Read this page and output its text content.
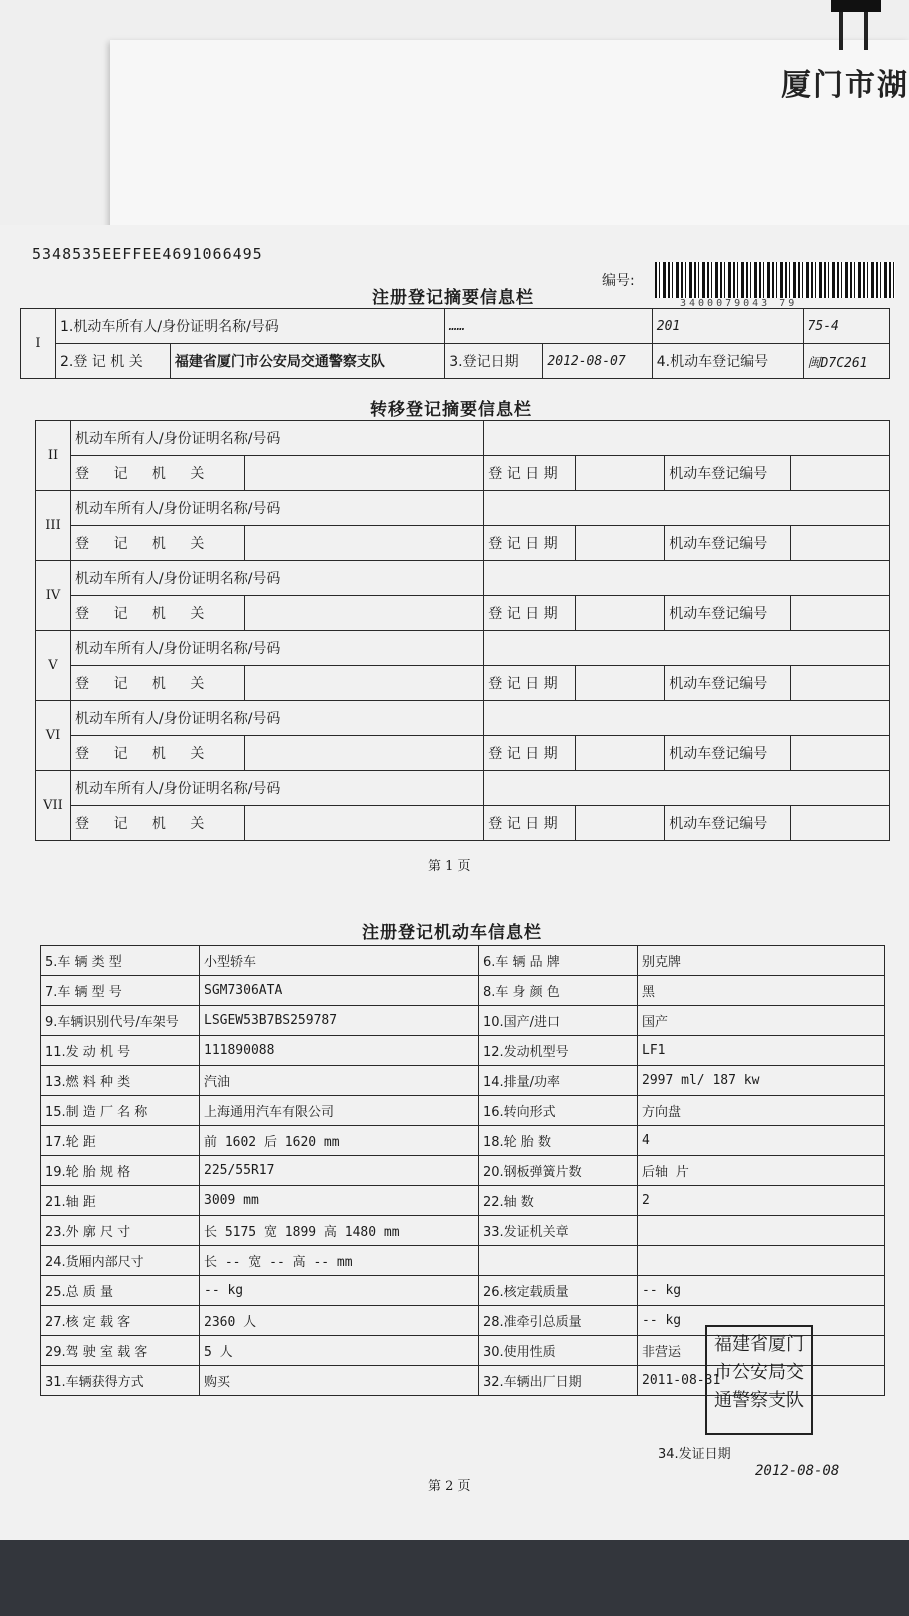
厦门市湖
5348535EEFFEE4691066495
编号:
3400079043 79
注册登记摘要信息栏
I	1.机动车所有人/身份证明名称/号码		……		201	75-4
	2.登 记 机 关	福建省厦门市公安局交通警察支队	3.登记日期	2012-08-07	4.机动车登记编号	闽D7C261
转移登记摘要信息栏
II	机动车所有人/身份证明名称/号码					
	登 记 机 关		登 记 日 期		机动车登记编号	
III	机动车所有人/身份证明名称/号码					
	登 记 机 关		登 记 日 期		机动车登记编号	
IV	机动车所有人/身份证明名称/号码					
	登 记 机 关		登 记 日 期		机动车登记编号	
V	机动车所有人/身份证明名称/号码					
	登 记 机 关		登 记 日 期		机动车登记编号	
VI	机动车所有人/身份证明名称/号码					
	登 记 机 关		登 记 日 期		机动车登记编号	
VII	机动车所有人/身份证明名称/号码					
	登 记 机 关		登 记 日 期		机动车登记编号	
第 1 页
注册登记机动车信息栏
5.车 辆 类 型	小型轿车	6.车 辆 品 牌	别克牌
7.车 辆 型 号	SGM7306ATA	8.车 身 颜 色	黑
9.车辆识别代号/车架号	LSGEW53B7BS259787	10.国产/进口	国产
11.发 动 机 号	111890088	12.发动机型号	LF1
13.燃 料 种 类	汽油	14.排量/功率	2997 ml/ 187 kw
15.制 造 厂 名 称	上海通用汽车有限公司	16.转向形式	方向盘
17.轮 距	前 1602 后 1620 mm	18.轮 胎 数	4
19.轮 胎 规 格	225/55R17	20.钢板弹簧片数	后轴 片
21.轴 距	3009 mm	22.轴 数	2
23.外 廓 尺 寸	长 5175 宽 1899 高 1480 mm	33.发证机关章	
24.货厢内部尺寸	长 -- 宽 -- 高 -- mm		
25.总 质 量	-- kg	26.核定载质量	-- kg
27.核 定 载 客	2360 人	28.准牵引总质量	-- kg
29.驾 驶 室 载 客	5 人	30.使用性质	非营运
31.车辆获得方式	购买	32.车辆出厂日期	2011-08-31
福建省厦门市公安局交通警察支队
34.发证日期
2012-08-08
第 2 页
